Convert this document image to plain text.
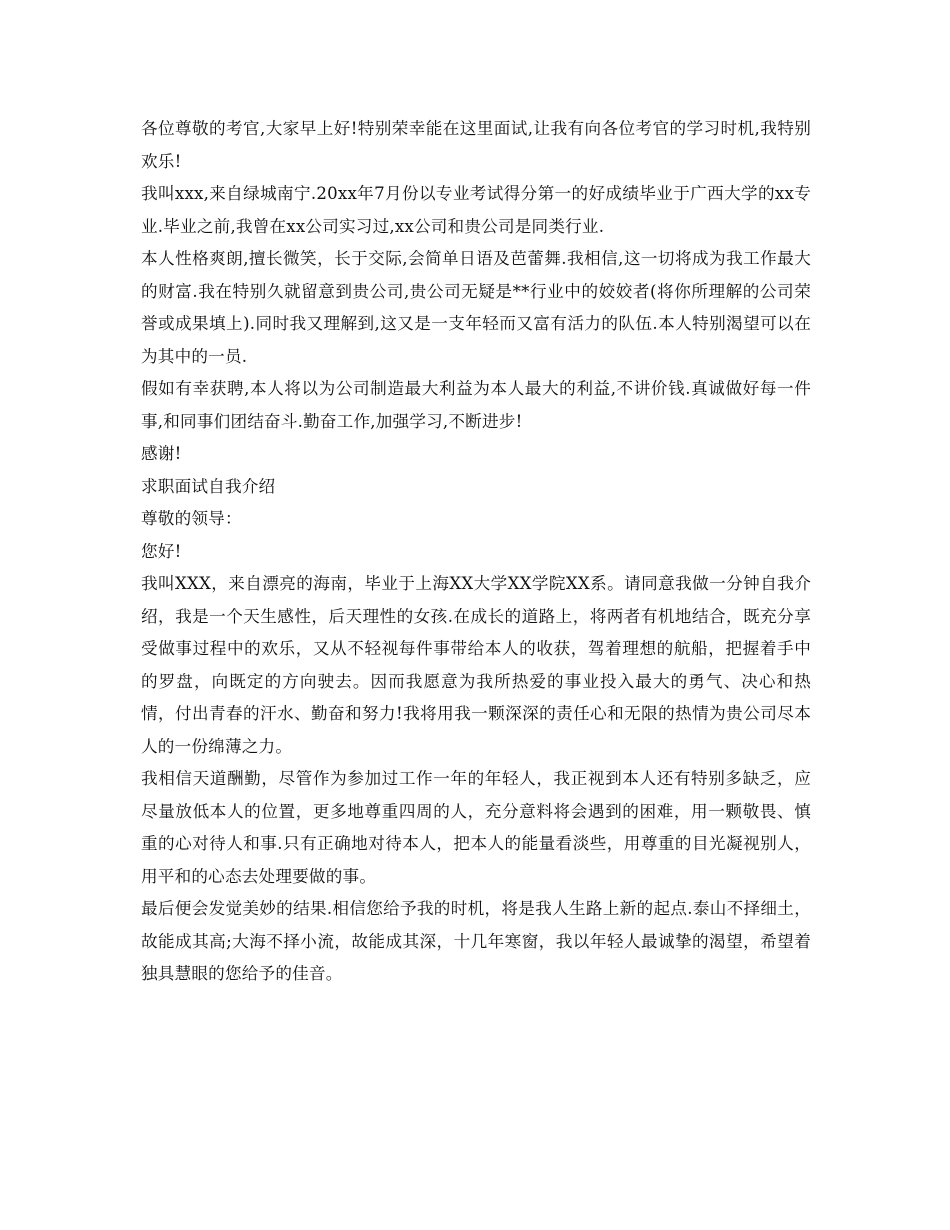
各位尊敬的考官,大家早上好!特别荣幸能在这里面试,让我有向各位考官的学习时机,我特别欢乐!

我叫xxx,来自绿城南宁.20xx年7月份以专业考试得分第一的好成绩毕业于广西大学的xx专业.毕业之前,我曾在xx公司实习过,xx公司和贵公司是同类行业.

本人性格爽朗,擅长微笑，长于交际,会简单日语及芭蕾舞.我相信,这一切将成为我工作最大的财富.我在特别久就留意到贵公司,贵公司无疑是**行业中的姣姣者(将你所理解的公司荣誉或成果填上).同时我又理解到,这又是一支年轻而又富有活力的队伍.本人特别渴望可以在为其中的一员.

假如有幸获聘,本人将以为公司制造最大利益为本人最大的利益,不讲价钱.真诚做好每一件事,和同事们团结奋斗.勤奋工作,加强学习,不断进步!

感谢!

求职面试自我介绍

尊敬的领导：

您好!

我叫XXX，来自漂亮的海南，毕业于上海XX大学XX学院XX系。请同意我做一分钟自我介绍，我是一个天生感性，后天理性的女孩.在成长的道路上，将两者有机地结合，既充分享受做事过程中的欢乐，又从不轻视每件事带给本人的收获，驾着理想的航船，把握着手中的罗盘，向既定的方向驶去。因而我愿意为我所热爱的事业投入最大的勇气、决心和热情，付出青春的汗水、勤奋和努力!我将用我一颗深深的责任心和无限的热情为贵公司尽本人的一份绵薄之力。

我相信天道酬勤，尽管作为参加过工作一年的年轻人，我正视到本人还有特别多缺乏，应尽量放低本人的位置，更多地尊重四周的人，充分意料将会遇到的困难，用一颗敬畏、慎重的心对待人和事.只有正确地对待本人，把本人的能量看淡些，用尊重的目光凝视别人，用平和的心态去处理要做的事。

最后便会发觉美妙的结果.相信您给予我的时机，将是我人生路上新的起点.泰山不择细土，故能成其高;大海不择小流，故能成其深，十几年寒窗，我以年轻人最诚挚的渴望，希望着独具慧眼的您给予的佳音。
